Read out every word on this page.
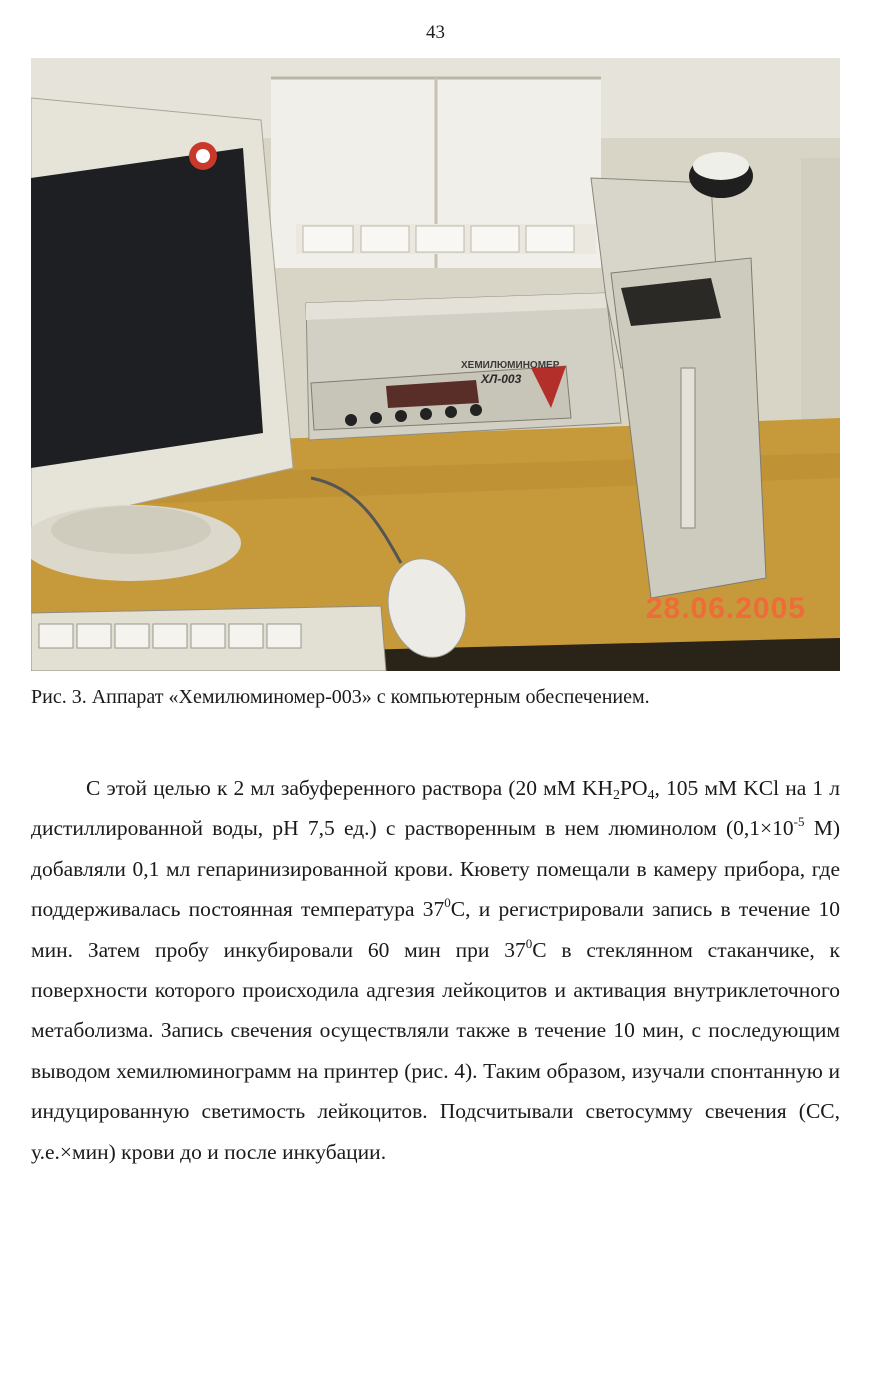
43
ХЕМИЛЮМИНОМЕР
ХЛ-003
28.06.2005
Рис. 3. Аппарат «Хемилюминомер-003» с компьютерным обеспечением.

С этой целью к 2 мл забуференного раствора (20 мМ $KH_2PO_4$, 105 мМ KCl на 1 л дистиллированной воды, pH 7,5 ед.) с растворенным в нем люминолом ($0,1\times 10^{-5}$ М) добавляли 0,1 мл гепаринизированной крови. Кювету помещали в камеру прибора, где поддерживалась постоянная температура $37^0С$, и регистрировали запись в течение 10 мин. Затем пробу инкубировали 60 мин при $37^0С$ в стеклянном стаканчике, к поверхности которого происходила адгезия лейкоцитов и активация внутриклеточного метаболизма. Запись свечения осуществляли также в течение 10 мин, с последующим выводом хемилюминограмм на принтер (рис. 4). Таким образом, изучали спонтанную и индуцированную светимость лейкоцитов. Подсчитывали светосумму свечения (СС, у.е.×мин) крови до и после инкубации.
